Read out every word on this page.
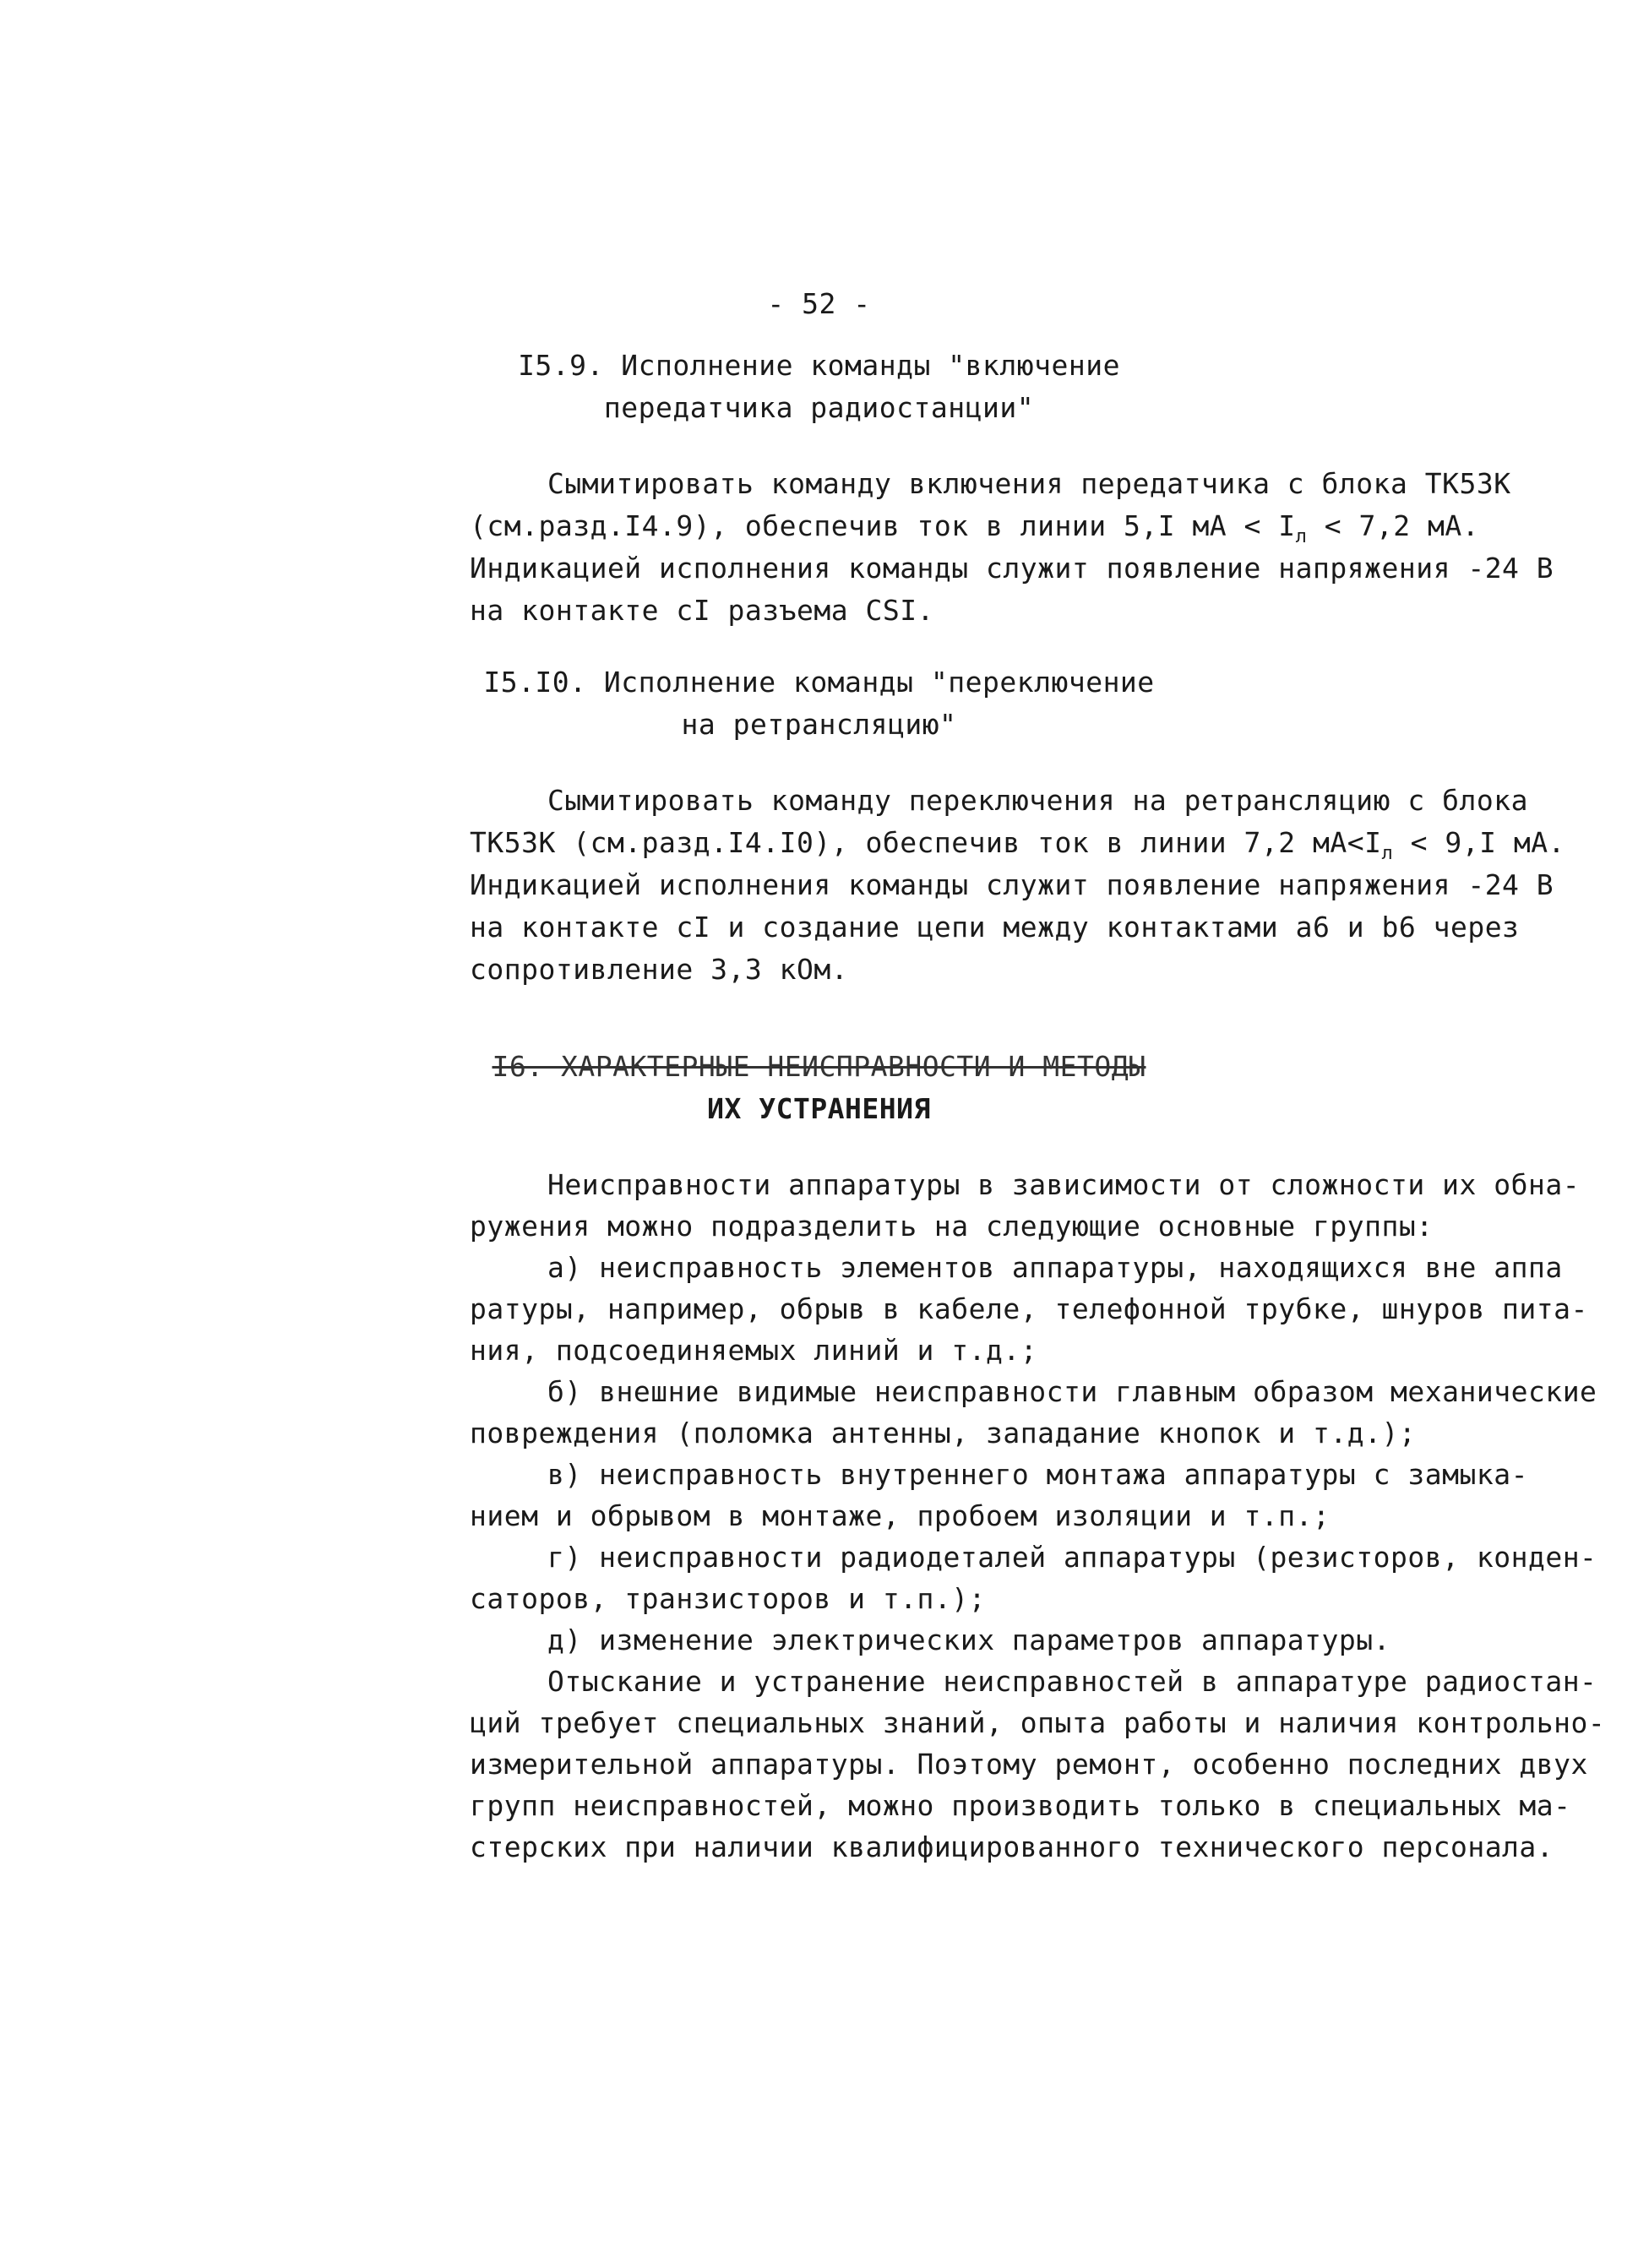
- 52 -
I5.9. Исполнение команды "включение
передатчика радиостанции"
Сымитировать команду включения передатчика с блока ТК53К
(см.разд.I4.9), обеспечив ток в линии 5,I мА < $I_л < 7,2$ мА.
Индикацией исполнения команды служит появление напряжения -24 В
на контакте cI разъема CSI.
I5.I0. Исполнение команды "переключение
на ретрансляцию"
Сымитировать команду переключения на ретрансляцию с блока
ТК53К (см.разд.I4.I0), обеспечив ток в линии 7,2 $мА<I_л < 9,I$ мА.
Индикацией исполнения команды служит появление напряжения -24 В
на контакте cI и создание цепи между контактами a6 и b6 через
сопротивление 3,3 кОм.
I6. ХАРАКТЕРНЫЕ НЕИСПРАВНОСТИ И МЕТОДЫ
ИХ УСТРАНЕНИЯ
Неисправности аппаратуры в зависимости от сложности их обна-
ружения можно подразделить на следующие основные группы:
а) неисправность элементов аппаратуры, находящихся вне аппа
ратуры, например, обрыв в кабеле, телефонной трубке, шнуров пита-
ния, подсоединяемых линий и т.д.;
б) внешние видимые неисправности главным образом механические
повреждения (поломка антенны, западание кнопок и т.д.);
в) неисправность внутреннего монтажа аппаратуры с замыка-
нием и обрывом в монтаже, пробоем изоляции и т.п.;
г) неисправности радиодеталей аппаратуры (резисторов, конден-
саторов, транзисторов и т.п.);
д) изменение электрических параметров аппаратуры.
Отыскание и устранение неисправностей в аппаратуре радиостан-
ций требует специальных знаний, опыта работы и наличия контрольно-
измерительной аппаратуры. Поэтому ремонт, особенно последних двух
групп неисправностей, можно производить только в специальных ма-
стерских при наличии квалифицированного технического персонала.
